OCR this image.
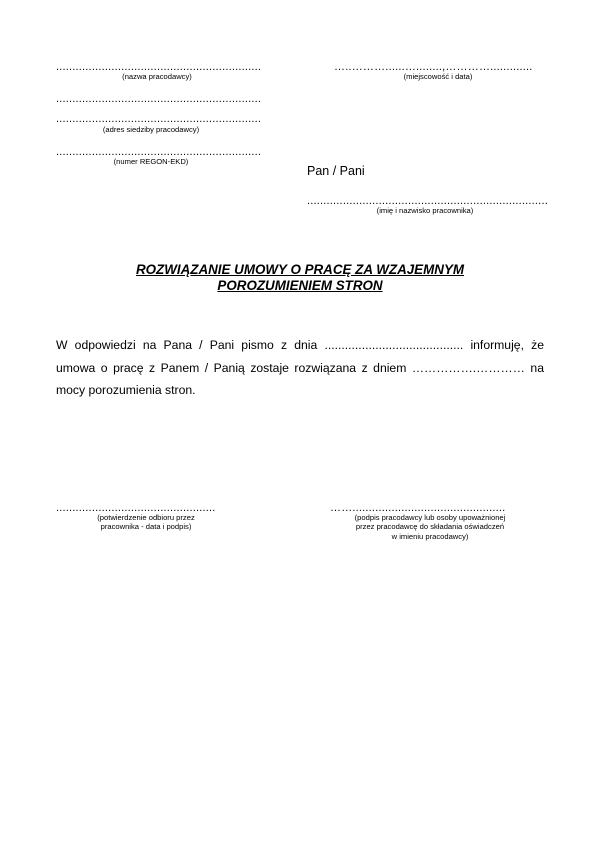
...............................................................
(nazwa pracodawcy)
...............................................................
...............................................................
(adres siedziby pracodawcy)
...............................................................
(numer REGON-EKD)
…..………......…........,………….............
(miejscowość i data)
Pan / Pani
..........................................................................
(imię i nazwisko pracownika)
ROZWIĄZANIE UMOWY O PRACĘ ZA WZAJEMNYM
POROZUMIENIEM STRON
W odpowiedzi na Pana / Pani pismo z dnia ......................................... informuję, że umowa o pracę z Panem / Panią zostaje rozwiązana z dniem …………….………… na mocy porozumienia stron.
.................................................
(potwierdzenie odbioru przez
pracownika - data i podpis)
……...............................................
(podpis pracodawcy lub osoby upoważnionej
przez pracodawcę do składania oświadczeń
w imieniu pracodawcy)
